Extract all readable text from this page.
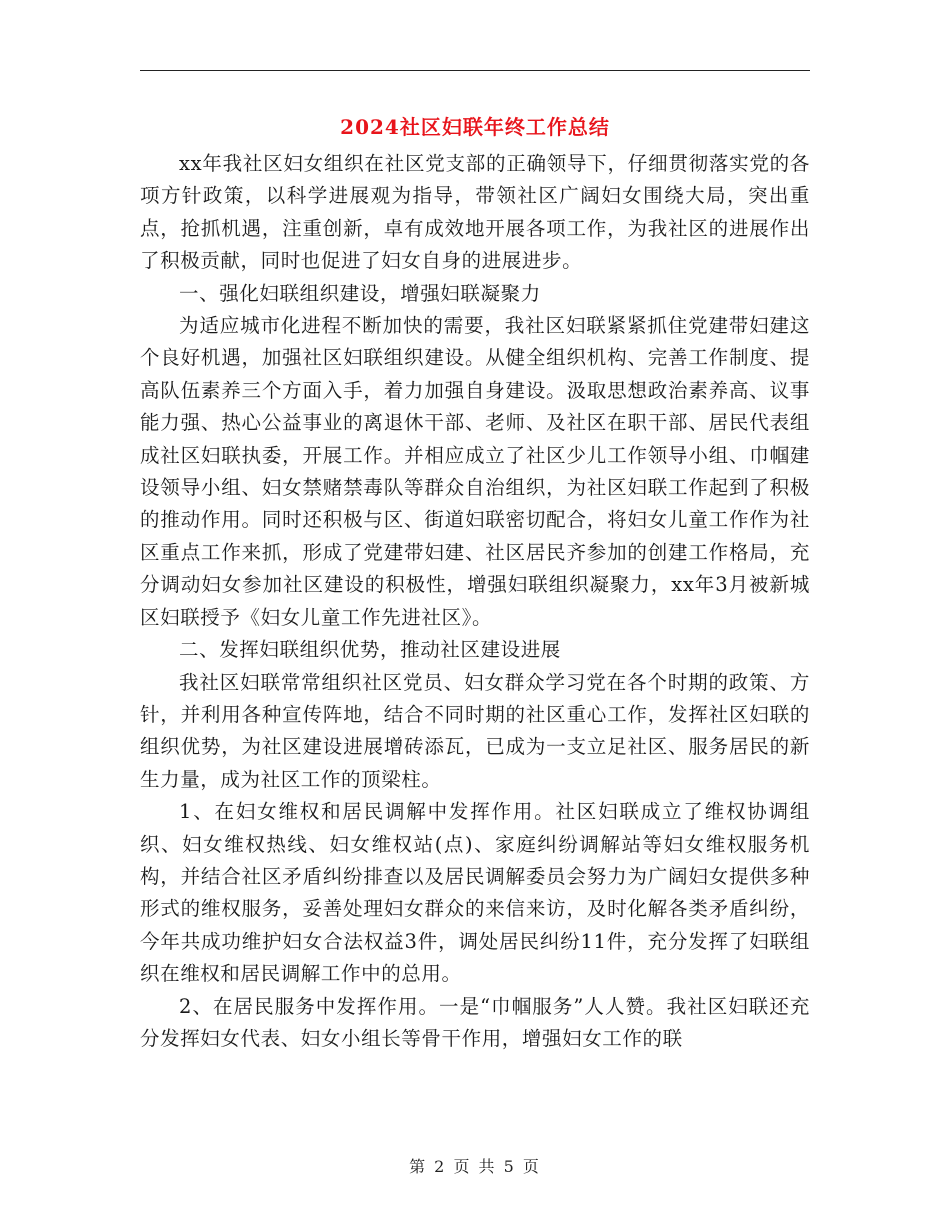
2024社区妇联年终工作总结

xx年我社区妇女组织在社区党支部的正确领导下，仔细贯彻落实党的各项方针政策，以科学进展观为指导，带领社区广阔妇女围绕大局，突出重点，抢抓机遇，注重创新，卓有成效地开展各项工作，为我社区的进展作出了积极贡献，同时也促进了妇女自身的进展进步。

一、强化妇联组织建设，增强妇联凝聚力

为适应城市化进程不断加快的需要，我社区妇联紧紧抓住党建带妇建这个良好机遇，加强社区妇联组织建设。从健全组织机构、完善工作制度、提高队伍素养三个方面入手，着力加强自身建设。汲取思想政治素养高、议事能力强、热心公益事业的离退休干部、老师、及社区在职干部、居民代表组成社区妇联执委，开展工作。并相应成立了社区少儿工作领导小组、巾帼建设领导小组、妇女禁赌禁毒队等群众自治组织，为社区妇联工作起到了积极的推动作用。同时还积极与区、街道妇联密切配合，将妇女儿童工作作为社区重点工作来抓，形成了党建带妇建、社区居民齐参加的创建工作格局，充分调动妇女参加社区建设的积极性，增强妇联组织凝聚力，xx年3月被新城区妇联授予《妇女儿童工作先进社区》。

二、发挥妇联组织优势，推动社区建设进展

我社区妇联常常组织社区党员、妇女群众学习党在各个时期的政策、方针，并利用各种宣传阵地，结合不同时期的社区重心工作，发挥社区妇联的组织优势，为社区建设进展增砖添瓦，已成为一支立足社区、服务居民的新生力量，成为社区工作的顶梁柱。

1、在妇女维权和居民调解中发挥作用。社区妇联成立了维权协调组织、妇女维权热线、妇女维权站(点)、家庭纠纷调解站等妇女维权服务机构，并结合社区矛盾纠纷排查以及居民调解委员会努力为广阔妇女提供多种形式的维权服务，妥善处理妇女群众的来信来访，及时化解各类矛盾纠纷，今年共成功维护妇女合法权益3件，调处居民纠纷11件，充分发挥了妇联组织在维权和居民调解工作中的总用。

2、在居民服务中发挥作用。一是“巾帼服务”人人赞。我社区妇联还充分发挥妇女代表、妇女小组长等骨干作用，增强妇女工作的联

第 2 页 共 5 页
